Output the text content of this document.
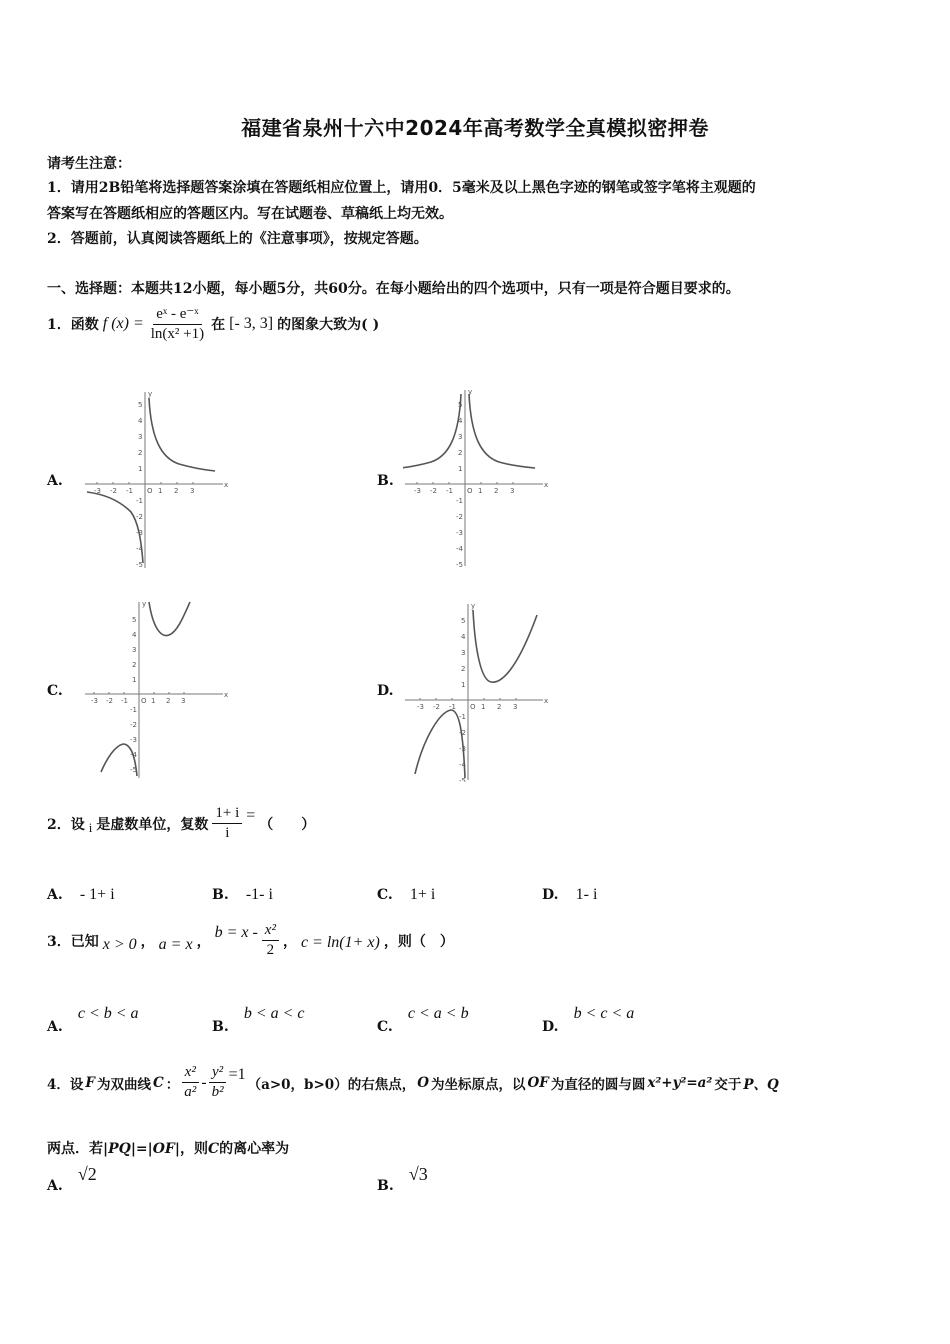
福建省泉州十六中2024年高考数学全真模拟密押卷
请考生注意：
1．请用2B铅笔将选择题答案涂填在答题纸相应位置上，请用0．5毫米及以上黑色字迹的钢笔或签字笔将主观题的
答案写在答题纸相应的答题区内。写在试题卷、草稿纸上均无效。
2．答题前，认真阅读答题纸上的《注意事项》，按规定答题。
一、选择题：本题共12小题，每小题5分，共60分。在每小题给出的四个选项中，只有一项是符合题目要求的。
1．函数 f $(x) = \frac{\text{eˣ - e⁻ˣ}}{\text{ln(x² +1)}}$ 在 [- 3, 3] 的图象大致为( )
A.	B.
C.	D.
x
y
-3 -2 -1 O 1 2 3
5
4
3
2
1
-1
-2
-3
-4
-5
x
y
-3 -2 -1 O 1 2 3
5
4
3
2
1
-1
-2
-3
-4
-5
x
y
-3 -2 -1 O 1 2 3
5
4
3
2
1
-1
-2
-3
-4
-5
x
y
-3 -2 -1 O 1 2 3
5
4
3
2
1
-1
-2
-3
-4
-5
2．设 i 是虚数单位，复数 $\frac{1+ i}{i}$ =
（　　）
A. - 1+ i	B. -1- i	C. 1+ i	D. 1- i
3．已知 x > 0 ， a = x ，
$b = x - \frac{\text{x²}}{2}$ ， c = ln(1+ x) ，则（　）
A. c < b < a
B. b < a < c
C. c < a < b
D. b < c < a
4．设 F 为双曲线 C ： $\frac{\text{x²}}{\text{a²}} - \frac{\text{y²}}{\text{b²}} =1$
（a>0，b>0）的右焦点， O 为坐标原点，以 OF 为直径的圆与圆 x²+y²=a² 交于 P、Q
两点．若|PQ|=|OF|，则C的离心率为
A. √2
B. √3
